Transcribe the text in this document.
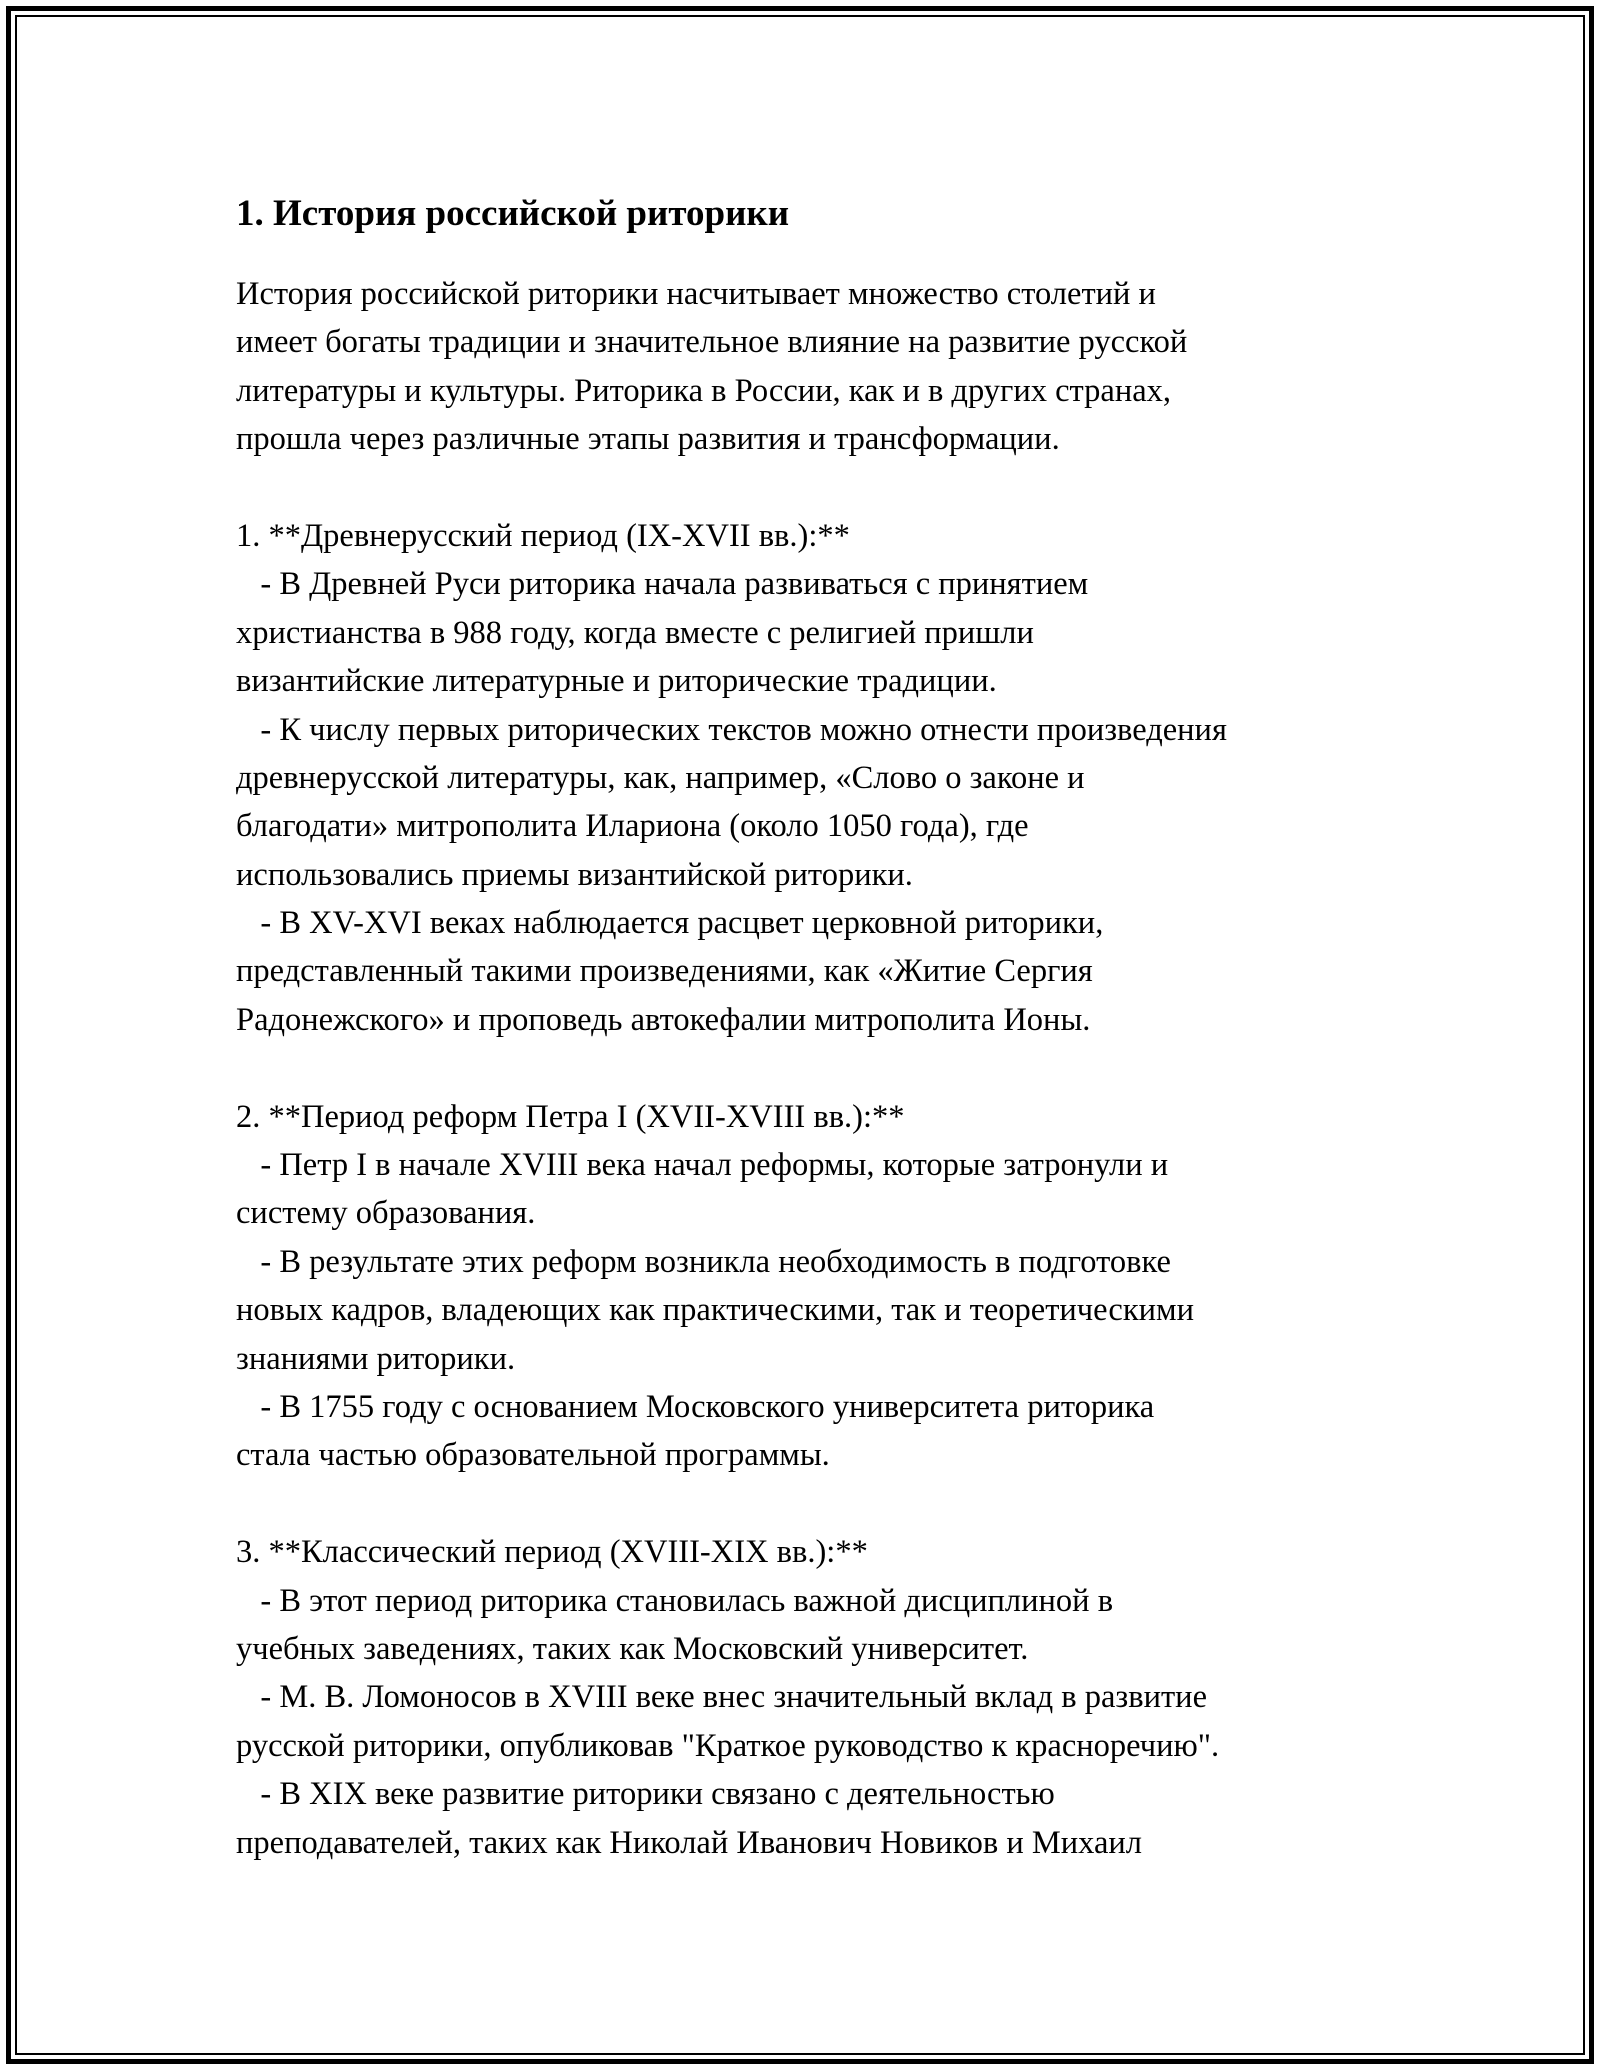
1. История российской риторики
История российской риторики насчитывает множество столетий и
имеет богаты традиции и значительное влияние на развитие русской
литературы и культуры. Риторика в России, как и в других странах,
прошла через различные этапы развития и трансформации.
1. **Древнерусский период (IX-XVII вв.):**
- В Древней Руси риторика начала развиваться с принятием
христианства в 988 году, когда вместе с религией пришли
византийские литературные и риторические традиции.
- К числу первых риторических текстов можно отнести произведения
древнерусской литературы, как, например, «Слово о законе и
благодати» митрополита Илариона (около 1050 года), где
использовались приемы византийской риторики.
- В XV-XVI веках наблюдается расцвет церковной риторики,
представленный такими произведениями, как «Житие Сергия
Радонежского» и проповедь автокефалии митрополита Ионы.
2. **Период реформ Петра I (XVII-XVIII вв.):**
- Петр I в начале XVIII века начал реформы, которые затронули и
систему образования.
- В результате этих реформ возникла необходимость в подготовке
новых кадров, владеющих как практическими, так и теоретическими
знаниями риторики.
- В 1755 году с основанием Московского университета риторика
стала частью образовательной программы.
3. **Классический период (XVIII-XIX вв.):**
- В этот период риторика становилась важной дисциплиной в
учебных заведениях, таких как Московский университет.
- М. В. Ломоносов в XVIII веке внес значительный вклад в развитие
русской риторики, опубликовав "Краткое руководство к красноречию".
- В XIX веке развитие риторики связано с деятельностью
преподавателей, таких как Николай Иванович Новиков и Михаил
